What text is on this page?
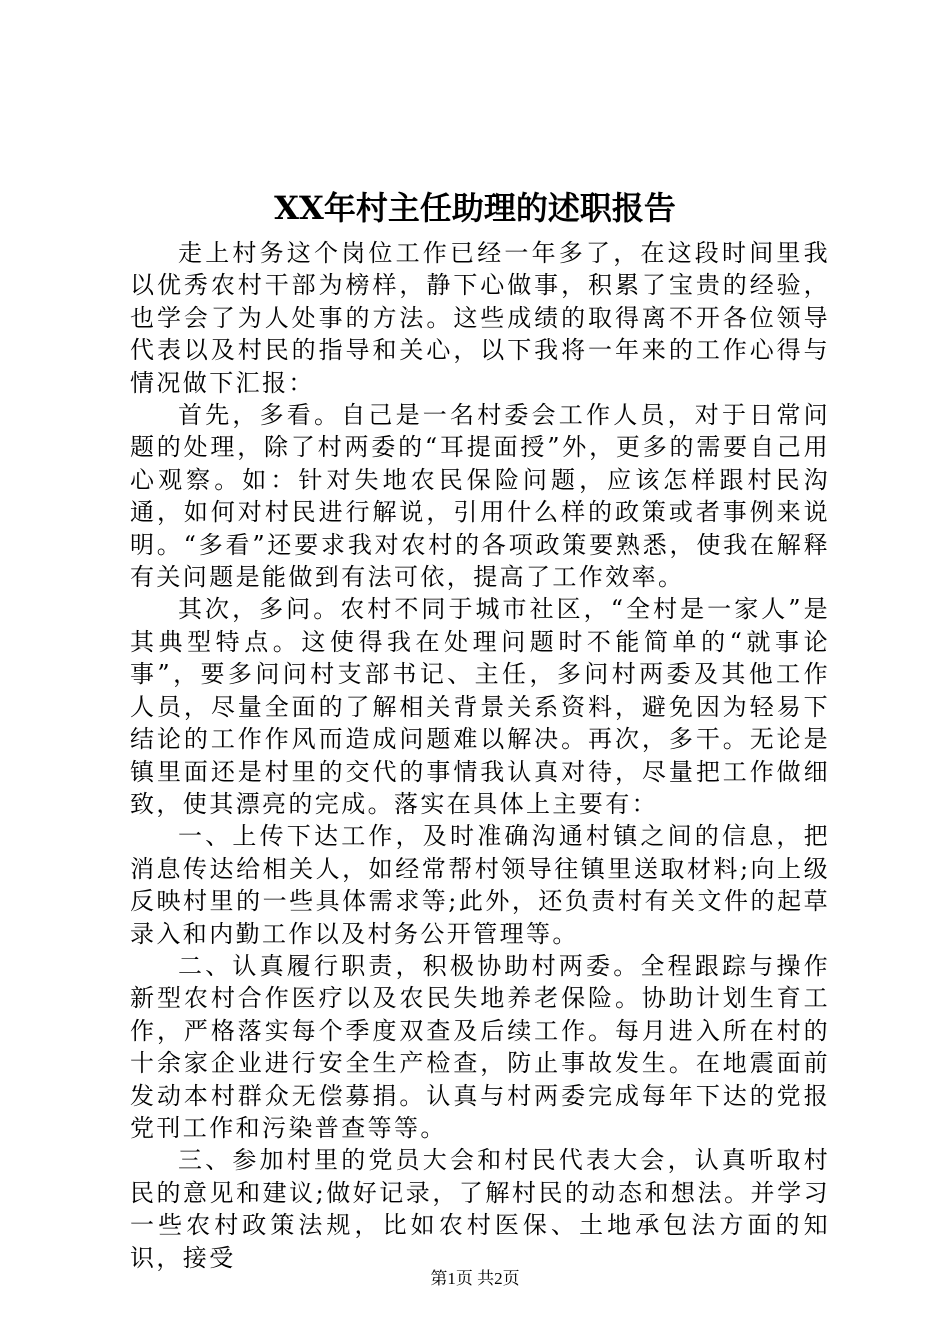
XX年村主任助理的述职报告

走上村务这个岗位工作已经一年多了，在这段时间里我以优秀农村干部为榜样，静下心做事，积累了宝贵的经验，也学会了为人处事的方法。这些成绩的取得离不开各位领导代表以及村民的指导和关心，以下我将一年来的工作心得与情况做下汇报：

首先，多看。自己是一名村委会工作人员，对于日常问题的处理，除了村两委的“耳提面授”外，更多的需要自己用心观察。如：针对失地农民保险问题，应该怎样跟村民沟通，如何对村民进行解说，引用什么样的政策或者事例来说明。“多看”还要求我对农村的各项政策要熟悉，使我在解释有关问题是能做到有法可依，提高了工作效率。

其次，多问。农村不同于城市社区，“全村是一家人”是其典型特点。这使得我在处理问题时不能简单的“就事论事”，要多问问村支部书记、主任，多问村两委及其他工作人员，尽量全面的了解相关背景关系资料，避免因为轻易下结论的工作作风而造成问题难以解决。再次，多干。无论是镇里面还是村里的交代的事情我认真对待，尽量把工作做细致，使其漂亮的完成。落实在具体上主要有：

一、上传下达工作，及时准确沟通村镇之间的信息，把消息传达给相关人，如经常帮村领导往镇里送取材料;向上级反映村里的一些具体需求等;此外，还负责村有关文件的起草录入和内勤工作以及村务公开管理等。

二、认真履行职责，积极协助村两委。全程跟踪与操作新型农村合作医疗以及农民失地养老保险。协助计划生育工作，严格落实每个季度双查及后续工作。每月进入所在村的十余家企业进行安全生产检查，防止事故发生。在地震面前发动本村群众无偿募捐。认真与村两委完成每年下达的党报党刊工作和污染普查等等。

三、参加村里的党员大会和村民代表大会，认真听取村民的意见和建议;做好记录，了解村民的动态和想法。并学习一些农村政策法规，比如农村医保、土地承包法方面的知识，接受

第1页 共2页
